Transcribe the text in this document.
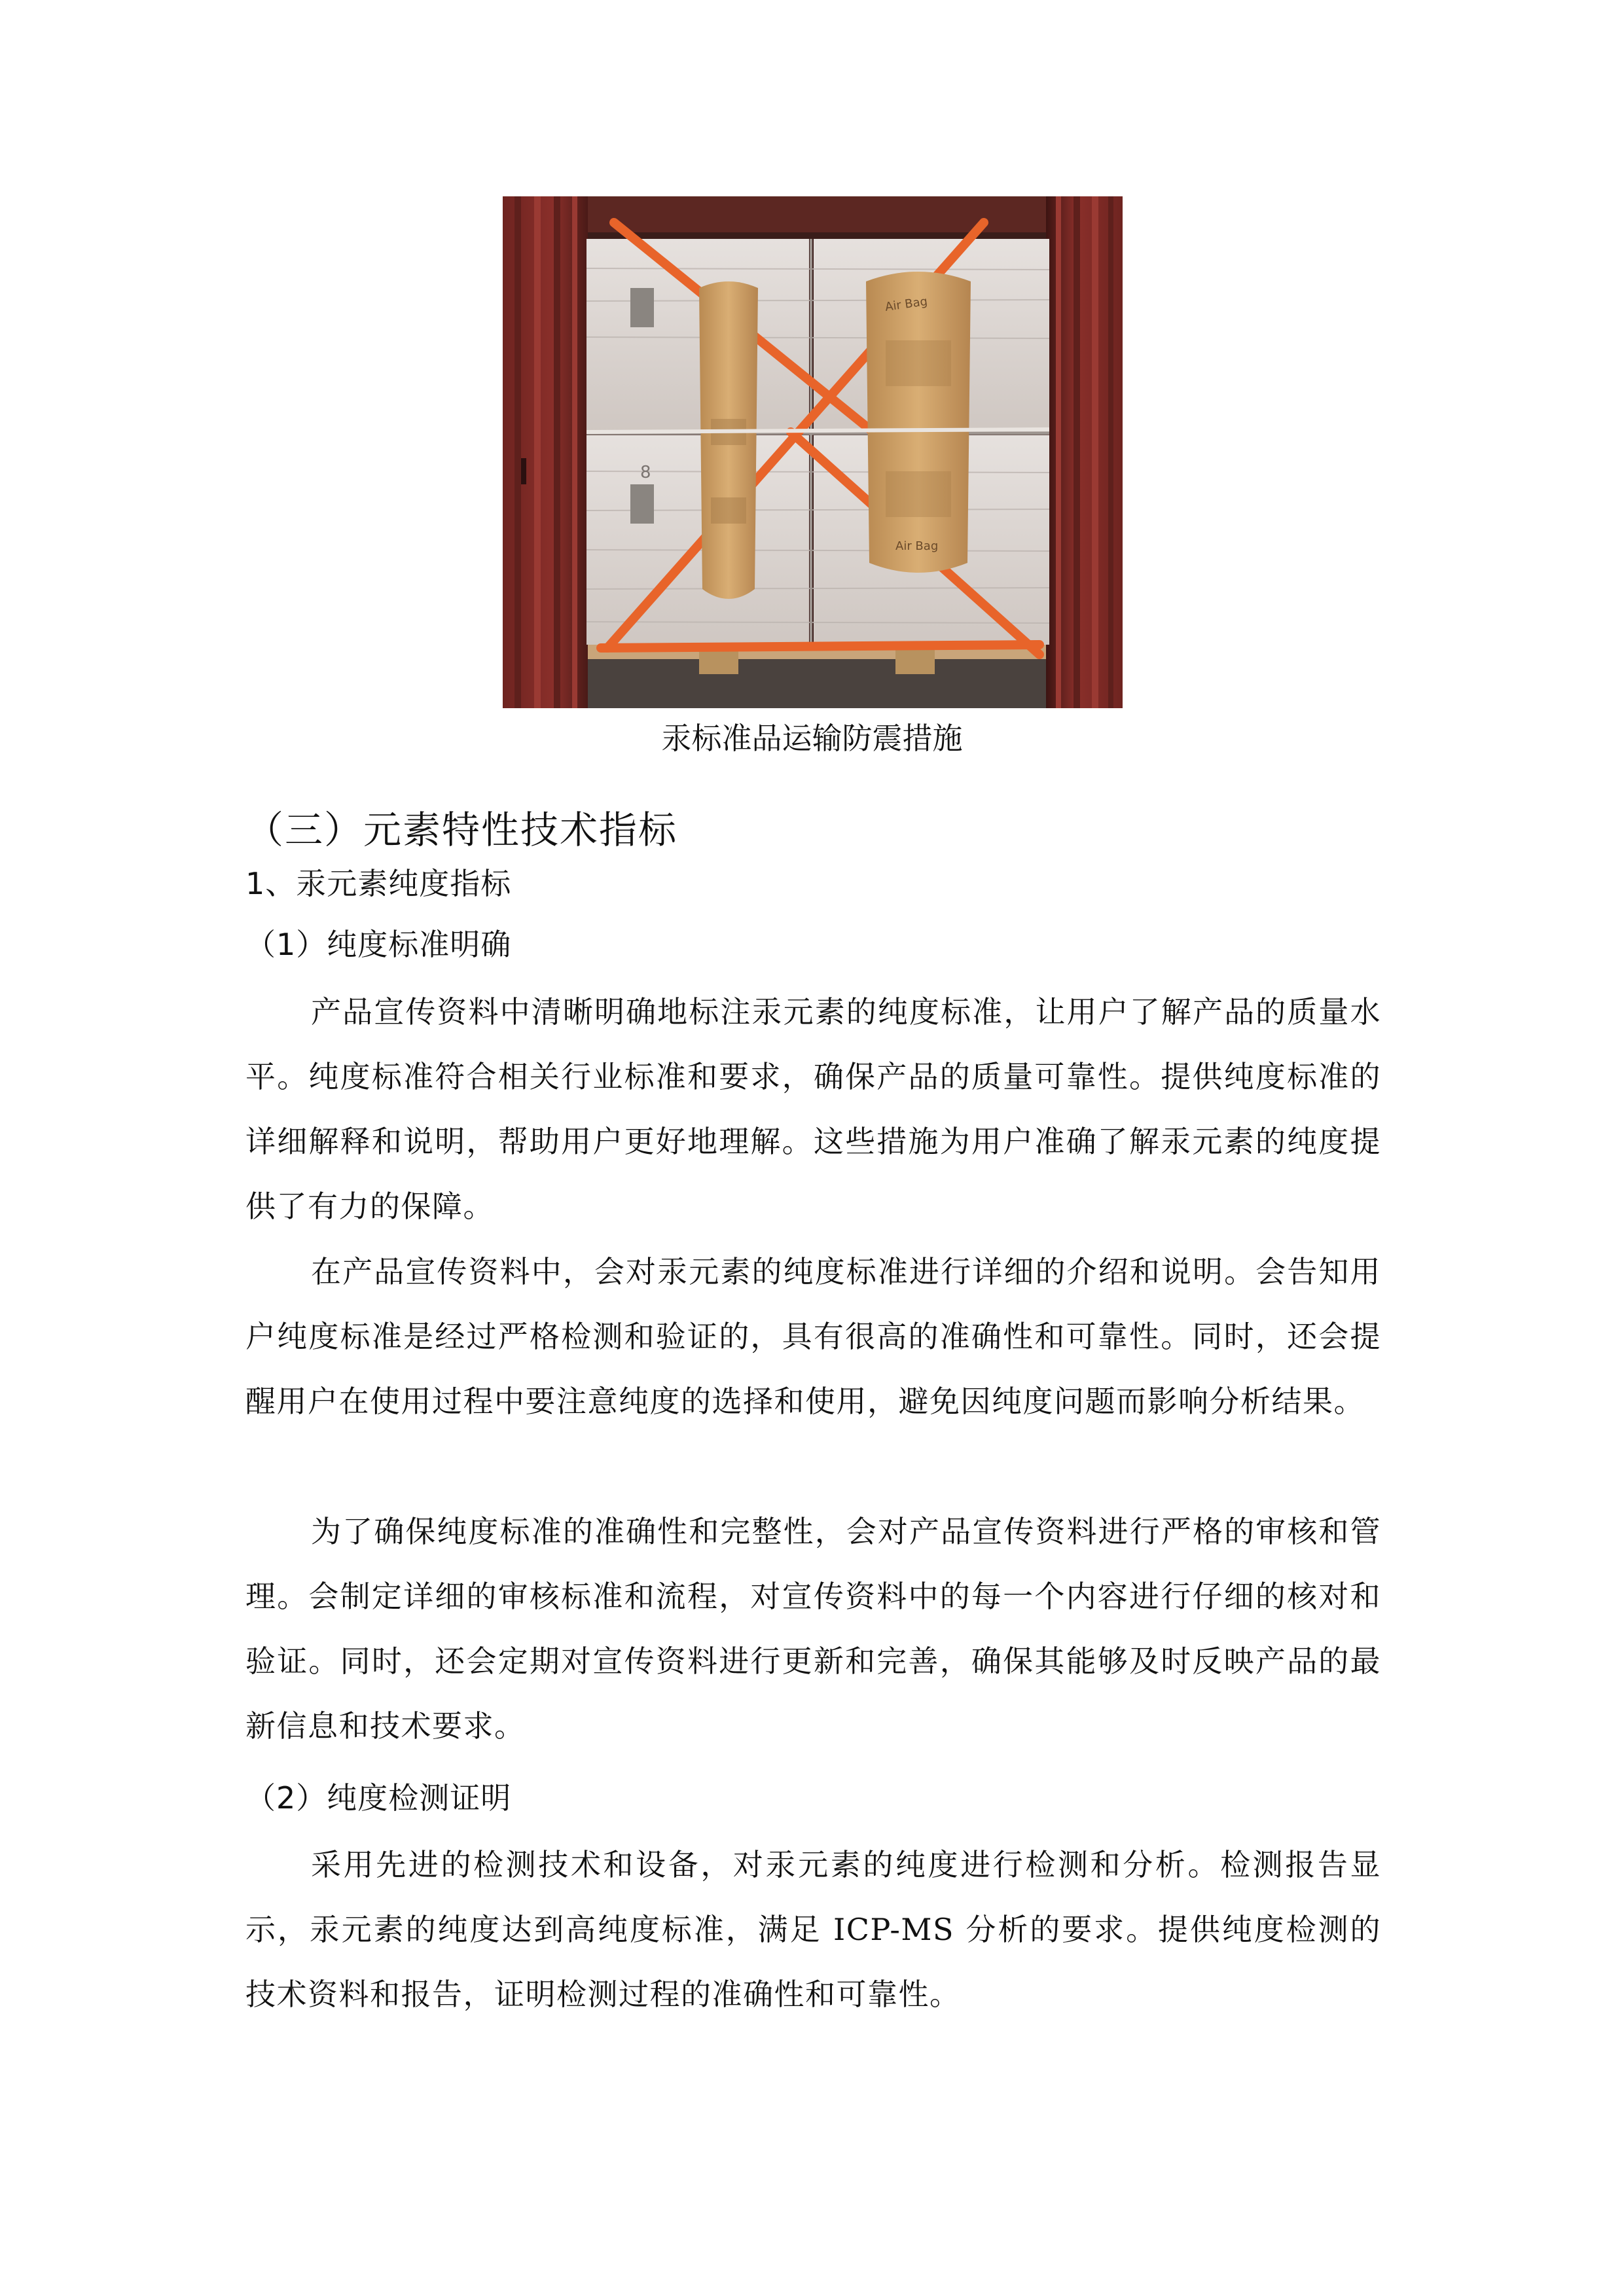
8
Air Bag
Air Bag
汞标准品运输防震措施
（三）元素特性技术指标
1、汞元素纯度指标
（1）纯度标准明确

产品宣传资料中清晰明确地标注汞元素的纯度标准，让用户了解产品的质量水平。纯度标准符合相关行业标准和要求，确保产品的质量可靠性。提供纯度标准的详细解释和说明，帮助用户更好地理解。这些措施为用户准确了解汞元素的纯度提供了有力的保障。

在产品宣传资料中，会对汞元素的纯度标准进行详细的介绍和说明。会告知用户纯度标准是经过严格检测和验证的，具有很高的准确性和可靠性。同时，还会提醒用户在使用过程中要注意纯度的选择和使用，避免因纯度问题而影响分析结果。

为了确保纯度标准的准确性和完整性，会对产品宣传资料进行严格的审核和管理。会制定详细的审核标准和流程，对宣传资料中的每一个内容进行仔细的核对和验证。同时，还会定期对宣传资料进行更新和完善，确保其能够及时反映产品的最新信息和技术要求。

（2）纯度检测证明

采用先进的检测技术和设备，对汞元素的纯度进行检测和分析。检测报告显示，汞元素的纯度达到高纯度标准，满足 ICP-MS 分析的要求。提供纯度检测的技术资料和报告，证明检测过程的准确性和可靠性。
